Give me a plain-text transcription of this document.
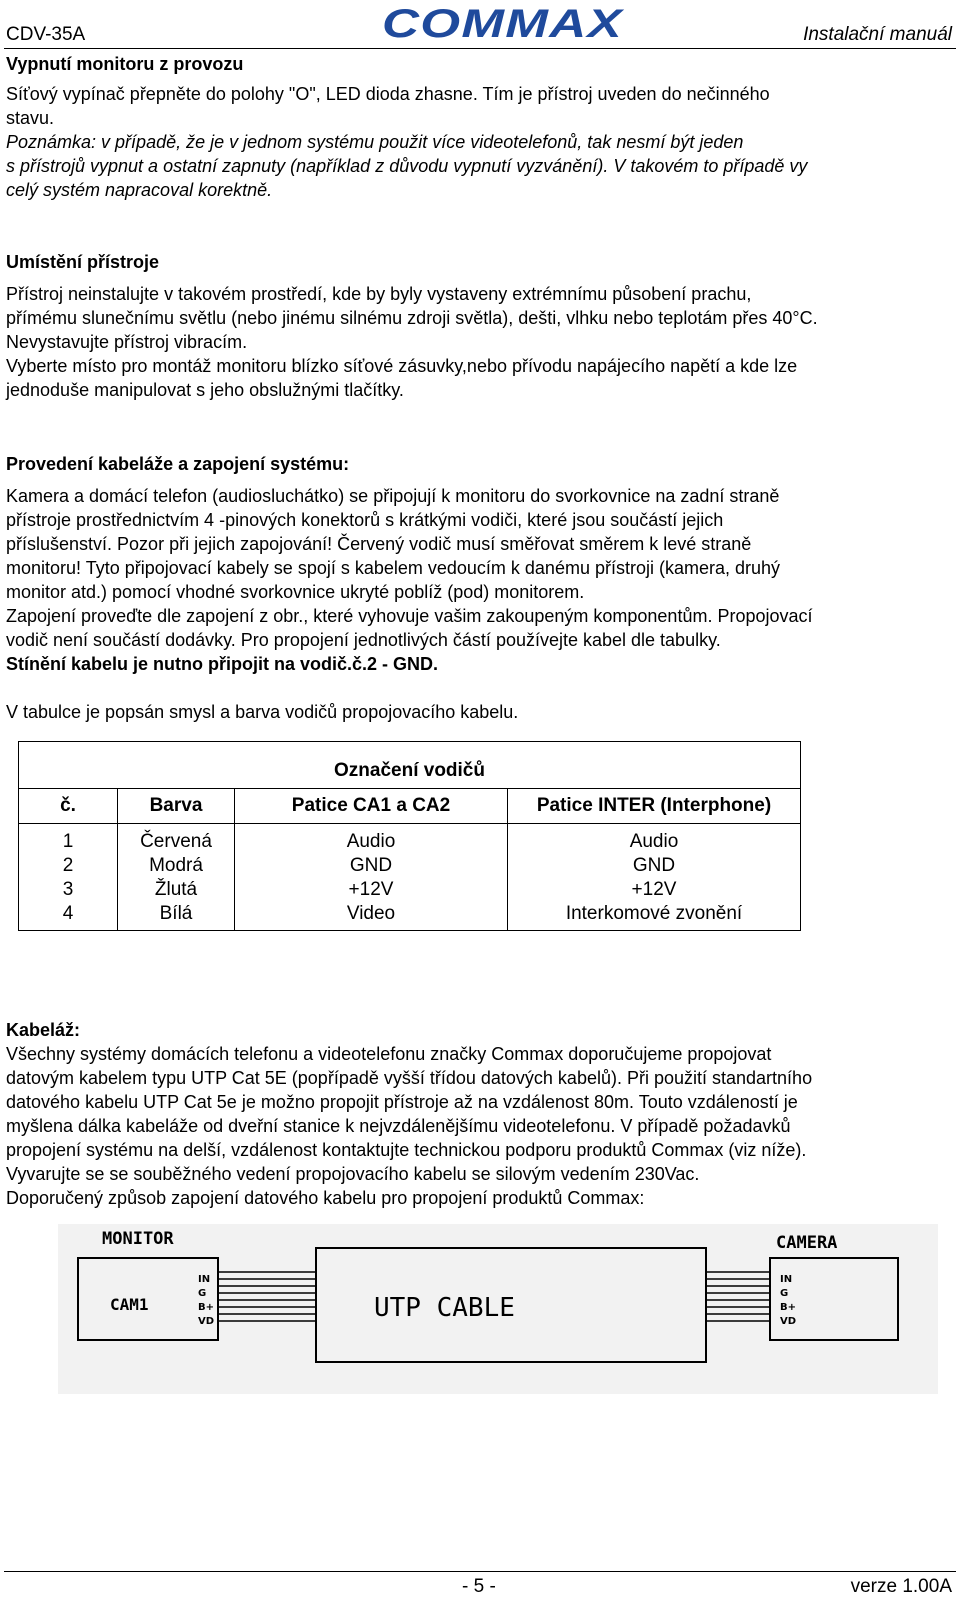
CDV-35A	COMMAX	Instalační manuál
Vypnutí monitoru z provozu
Síťový vypínač přepněte do polohy "O", LED dioda zhasne. Tím je přístroj uveden do nečinného
stavu.
Poznámka: v případě, že je v jednom systému použit více videotelefonů, tak nesmí být jeden
s přístrojů vypnut a ostatní zapnuty (například z důvodu vypnutí vyzvánění). V takovém to případě vy
celý systém napracoval korektně.
Umístění přístroje
Přístroj neinstalujte v takovém prostředí, kde by byly vystaveny extrémnímu působení prachu,
přímému slunečnímu světlu (nebo jinému silnému zdroji světla), dešti, vlhku nebo teplotám přes 40°C.
Nevystavujte přístroj vibracím.
Vyberte místo pro montáž monitoru blízko síťové zásuvky,nebo přívodu napájecího napětí a kde lze
jednoduše manipulovat s jeho obslužnými tlačítky.
Provedení kabeláže a zapojení systému:
Kamera a domácí telefon (audiosluchátko) se připojují k monitoru do svorkovnice na zadní straně
přístroje prostřednictvím 4 -pinových konektorů s krátkými vodiči, které jsou součástí jejich
příslušenství. Pozor při jejich zapojování! Červený vodič musí směřovat směrem k levé straně
monitoru! Tyto připojovací kabely se spojí s kabelem vedoucím k danému přístroji (kamera, druhý
monitor atd.) pomocí vhodné svorkovnice ukryté poblíž (pod) monitorem.
Zapojení proveďte dle zapojení z obr., které vyhovuje vašim zakoupeným komponentům. Propojovací
vodič není součástí dodávky. Pro propojení jednotlivých částí používejte kabel dle tabulky.
Stínění kabelu je nutno připojit na vodič.č.2 - GND.
V tabulce je popsán smysl a barva vodičů propojovacího kabelu.
Označení vodičů			
č.	Barva	Patice CA1 a CA2	Patice INTER (Interphone)
1	Červená	Audio	Audio
2	Modrá	GND	GND
3	Žlutá	+12V	+12V
4	Bílá	Video	Interkomové zvonění
Kabeláž:
Všechny systémy domácích telefonu a videotelefonu značky Commax doporučujeme propojovat
datovým kabelem typu UTP Cat 5E (popřípadě vyšší třídou datových kabelů). Při použití standartního
datového kabelu UTP Cat 5e je možno propojit přístroje až na vzdálenost 80m. Touto vzdáleností je
myšlena dálka kabeláže od dveřní stanice k nejvzdálenějšímu videotelefonu. V případě požadavků
propojení systému na delší, vzdálenost kontaktujte technickou podporu produktů Commax (viz níže).
Vyvarujte se se souběžného vedení propojovacího kabelu se silovým vedením 230Vac.
Doporučený způsob zapojení datového kabelu pro propojení produktů Commax:
MONITOR
CAM1
IN
G
B+
VD
CAMERA
IN
G
B+
VD
UTP CABLE
- 5 -	verze 1.00A
